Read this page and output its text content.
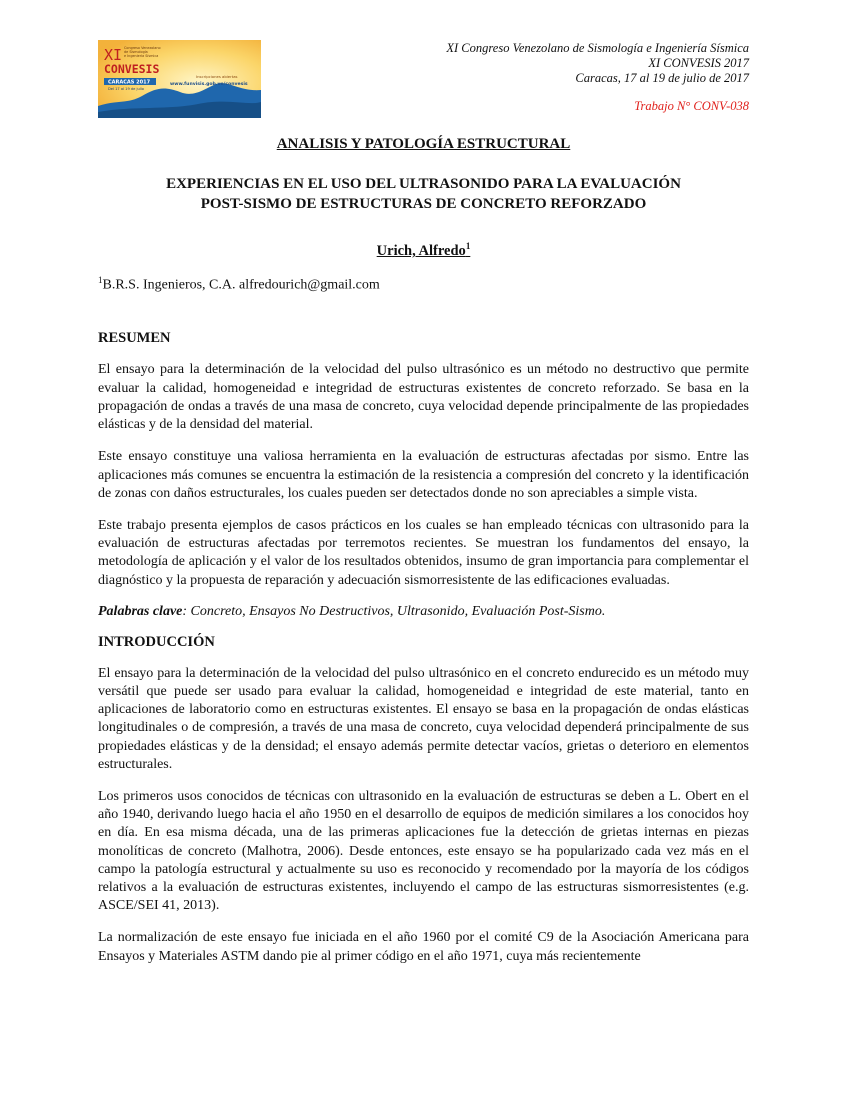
XI
CONVESIS
Congreso Venezolano
de Sismología
e Ingeniería Sísmica
CARACAS 2017
Del 17 al 19 de julio
Inscripciones abiertas
www.funvisis.gob.ve/convesis
XI Congreso Venezolano de Sismología e Ingeniería Sísmica
XI CONVESIS 2017
Caracas, 17 al 19 de julio de 2017
Trabajo N° CONV-038
ANALISIS Y PATOLOGÍA ESTRUCTURAL
EXPERIENCIAS EN EL USO DEL ULTRASONIDO PARA LA EVALUACIÓN
POST-SISMO DE ESTRUCTURAS DE CONCRETO REFORZADO
Urich, Alfredo$^1$
$^1$B.R.S. Ingenieros, C.A. alfredourich@gmail.com
RESUMEN

El ensayo para la determinación de la velocidad del pulso ultrasónico es un método no destructivo que permite evaluar la calidad, homogeneidad e integridad de estructuras existentes de concreto reforzado. Se basa en la propagación de ondas a través de una masa de concreto, cuya velocidad depende principalmente de las propiedades elásticas y de la densidad del material.

Este ensayo constituye una valiosa herramienta en la evaluación de estructuras afectadas por sismo. Entre las aplicaciones más comunes se encuentra la estimación de la resistencia a compresión del concreto y la identificación de zonas con daños estructurales, los cuales pueden ser detectados donde no son apreciables a simple vista.

Este trabajo presenta ejemplos de casos prácticos en los cuales se han empleado técnicas con ultrasonido para la evaluación de estructuras afectadas por terremotos recientes. Se muestran los fundamentos del ensayo, la metodología de aplicación y el valor de los resultados obtenidos, insumo de gran importancia para complementar el diagnóstico y la propuesta de reparación y adecuación sismorresistente de las edificaciones evaluadas.

Palabras clave: Concreto, Ensayos No Destructivos, Ultrasonido, Evaluación Post-Sismo.

INTRODUCCIÓN

El ensayo para la determinación de la velocidad del pulso ultrasónico en el concreto endurecido es un método muy versátil que puede ser usado para evaluar la calidad, homogeneidad e integridad de este material, tanto en aplicaciones de laboratorio como en estructuras existentes. El ensayo se basa en la propagación de ondas elásticas longitudinales o de compresión, a través de una masa de concreto, cuya velocidad dependerá principalmente de sus propiedades elásticas y de la densidad; el ensayo además permite detectar vacíos, grietas o deterioro en elementos estructurales.

Los primeros usos conocidos de técnicas con ultrasonido en la evaluación de estructuras se deben a L. Obert en el año 1940, derivando luego hacia el año 1950 en el desarrollo de equipos de medición similares a los conocidos hoy en día. En esa misma década, una de las primeras aplicaciones fue la detección de grietas internas en piezas monolíticas de concreto (Malhotra, 2006). Desde entonces, este ensayo se ha popularizado cada vez más en el campo la patología estructural y actualmente su uso es reconocido y recomendado por la mayoría de los códigos relativos a la evaluación de estructuras existentes, incluyendo el campo de las estructuras sismorresistentes (e.g. ASCE/SEI 41, 2013).

La normalización de este ensayo fue iniciada en el año 1960 por el comité C9 de la Asociación Americana para Ensayos y Materiales ASTM dando pie al primer código en el año 1971, cuya más recientemente
